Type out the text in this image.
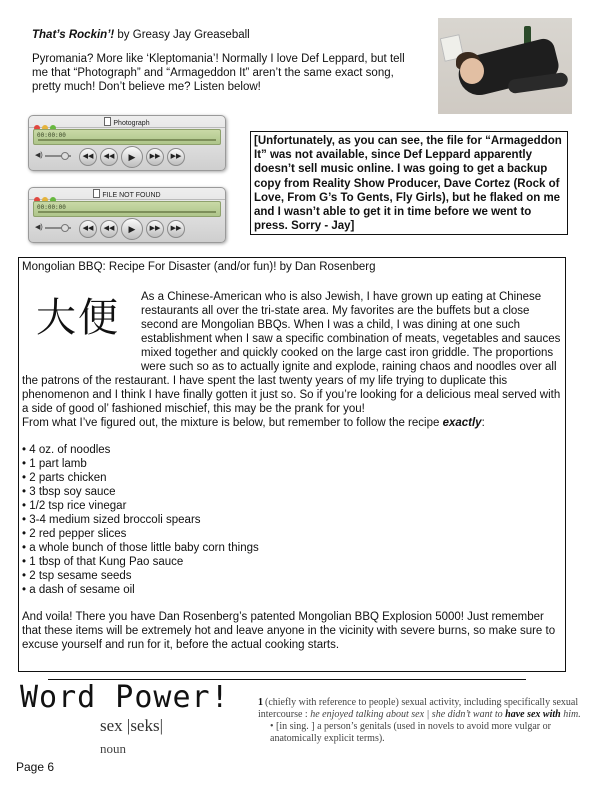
That’s Rockin’! by Greasy Jay Greaseball

Pyromania? More like ‘Kleptomania’! Normally I love Def Leppard, but tell me that “Photograph” and “Armageddon It” aren’t the same exact song, pretty much! Don’t believe me? Listen below!

Photograph
00:00:00
◀)	◀◀ ◀◀ ▶ ▶▶ ▶▶
FILE NOT FOUND
00:00:00
◀)	◀◀ ◀◀ ▶ ▶▶ ▶▶
[Unfortunately, as you can see, the file for “Armageddon It” was not available, since Def Leppard apparently doesn’t sell music online. I was going to get a backup copy from Reality Show Producer, Dave Cortez (Rock of Love, From G’s To Gents, Fly Girls), but he flaked on me and I wasn’t able to get it in time before we went to press. Sorry - Jay]

Mongolian BBQ: Recipe For Disaster (and/or fun)! by Dan Rosenberg

大便	As a Chinese-American who is also Jewish, I have grown up eating at Chinese restaurants all over the tri-state area. My favorites are the buffets but a close second are Mongolian BBQs. When I was a child, I was dining at one such establishment when I saw a specific combination of meats, vegetables and sauces mixed together and quickly cooked on the large cast iron griddle. The proportions were such so as to actually ignite and explode, raining chaos and noodles over all the patrons of the restaurant. I have spent the last twenty years of my life trying to duplicate this phenomenon and I think I have finally gotten it just so. So if you’re looking for a delicious meal served with a side of good ol’ fashioned mischief, this may be the prank for you!

From what I’ve figured out, the mixture is below, but remember to follow the recipe exactly:

• 4 oz. of noodles
• 1 part lamb
• 2 parts chicken
• 3 tbsp soy sauce
• 1/2 tsp rice vinegar
• 3-4 medium sized broccoli spears
• 2 red pepper slices
• a whole bunch of those little baby corn things
• 1 tbsp of that Kung Pao sauce
• 2 tsp sesame seeds
• a dash of sesame oil

And voila! There you have Dan Rosenberg’s patented Mongolian BBQ Explosion 5000! Just remember that these items will be extremely hot and leave anyone in the vicinity with severe burns, so make sure to excuse yourself and run for it, before the actual cooking starts.

Word Power!
sex |seks|
noun
1 (chiefly with reference to people) sexual activity, including specifically sexual intercourse : he enjoyed talking about sex | she didn’t want to have sex with him.
• [in sing. ] a person’s genitals (used in novels to avoid more vulgar or anatomically explicit terms).
Page 6
